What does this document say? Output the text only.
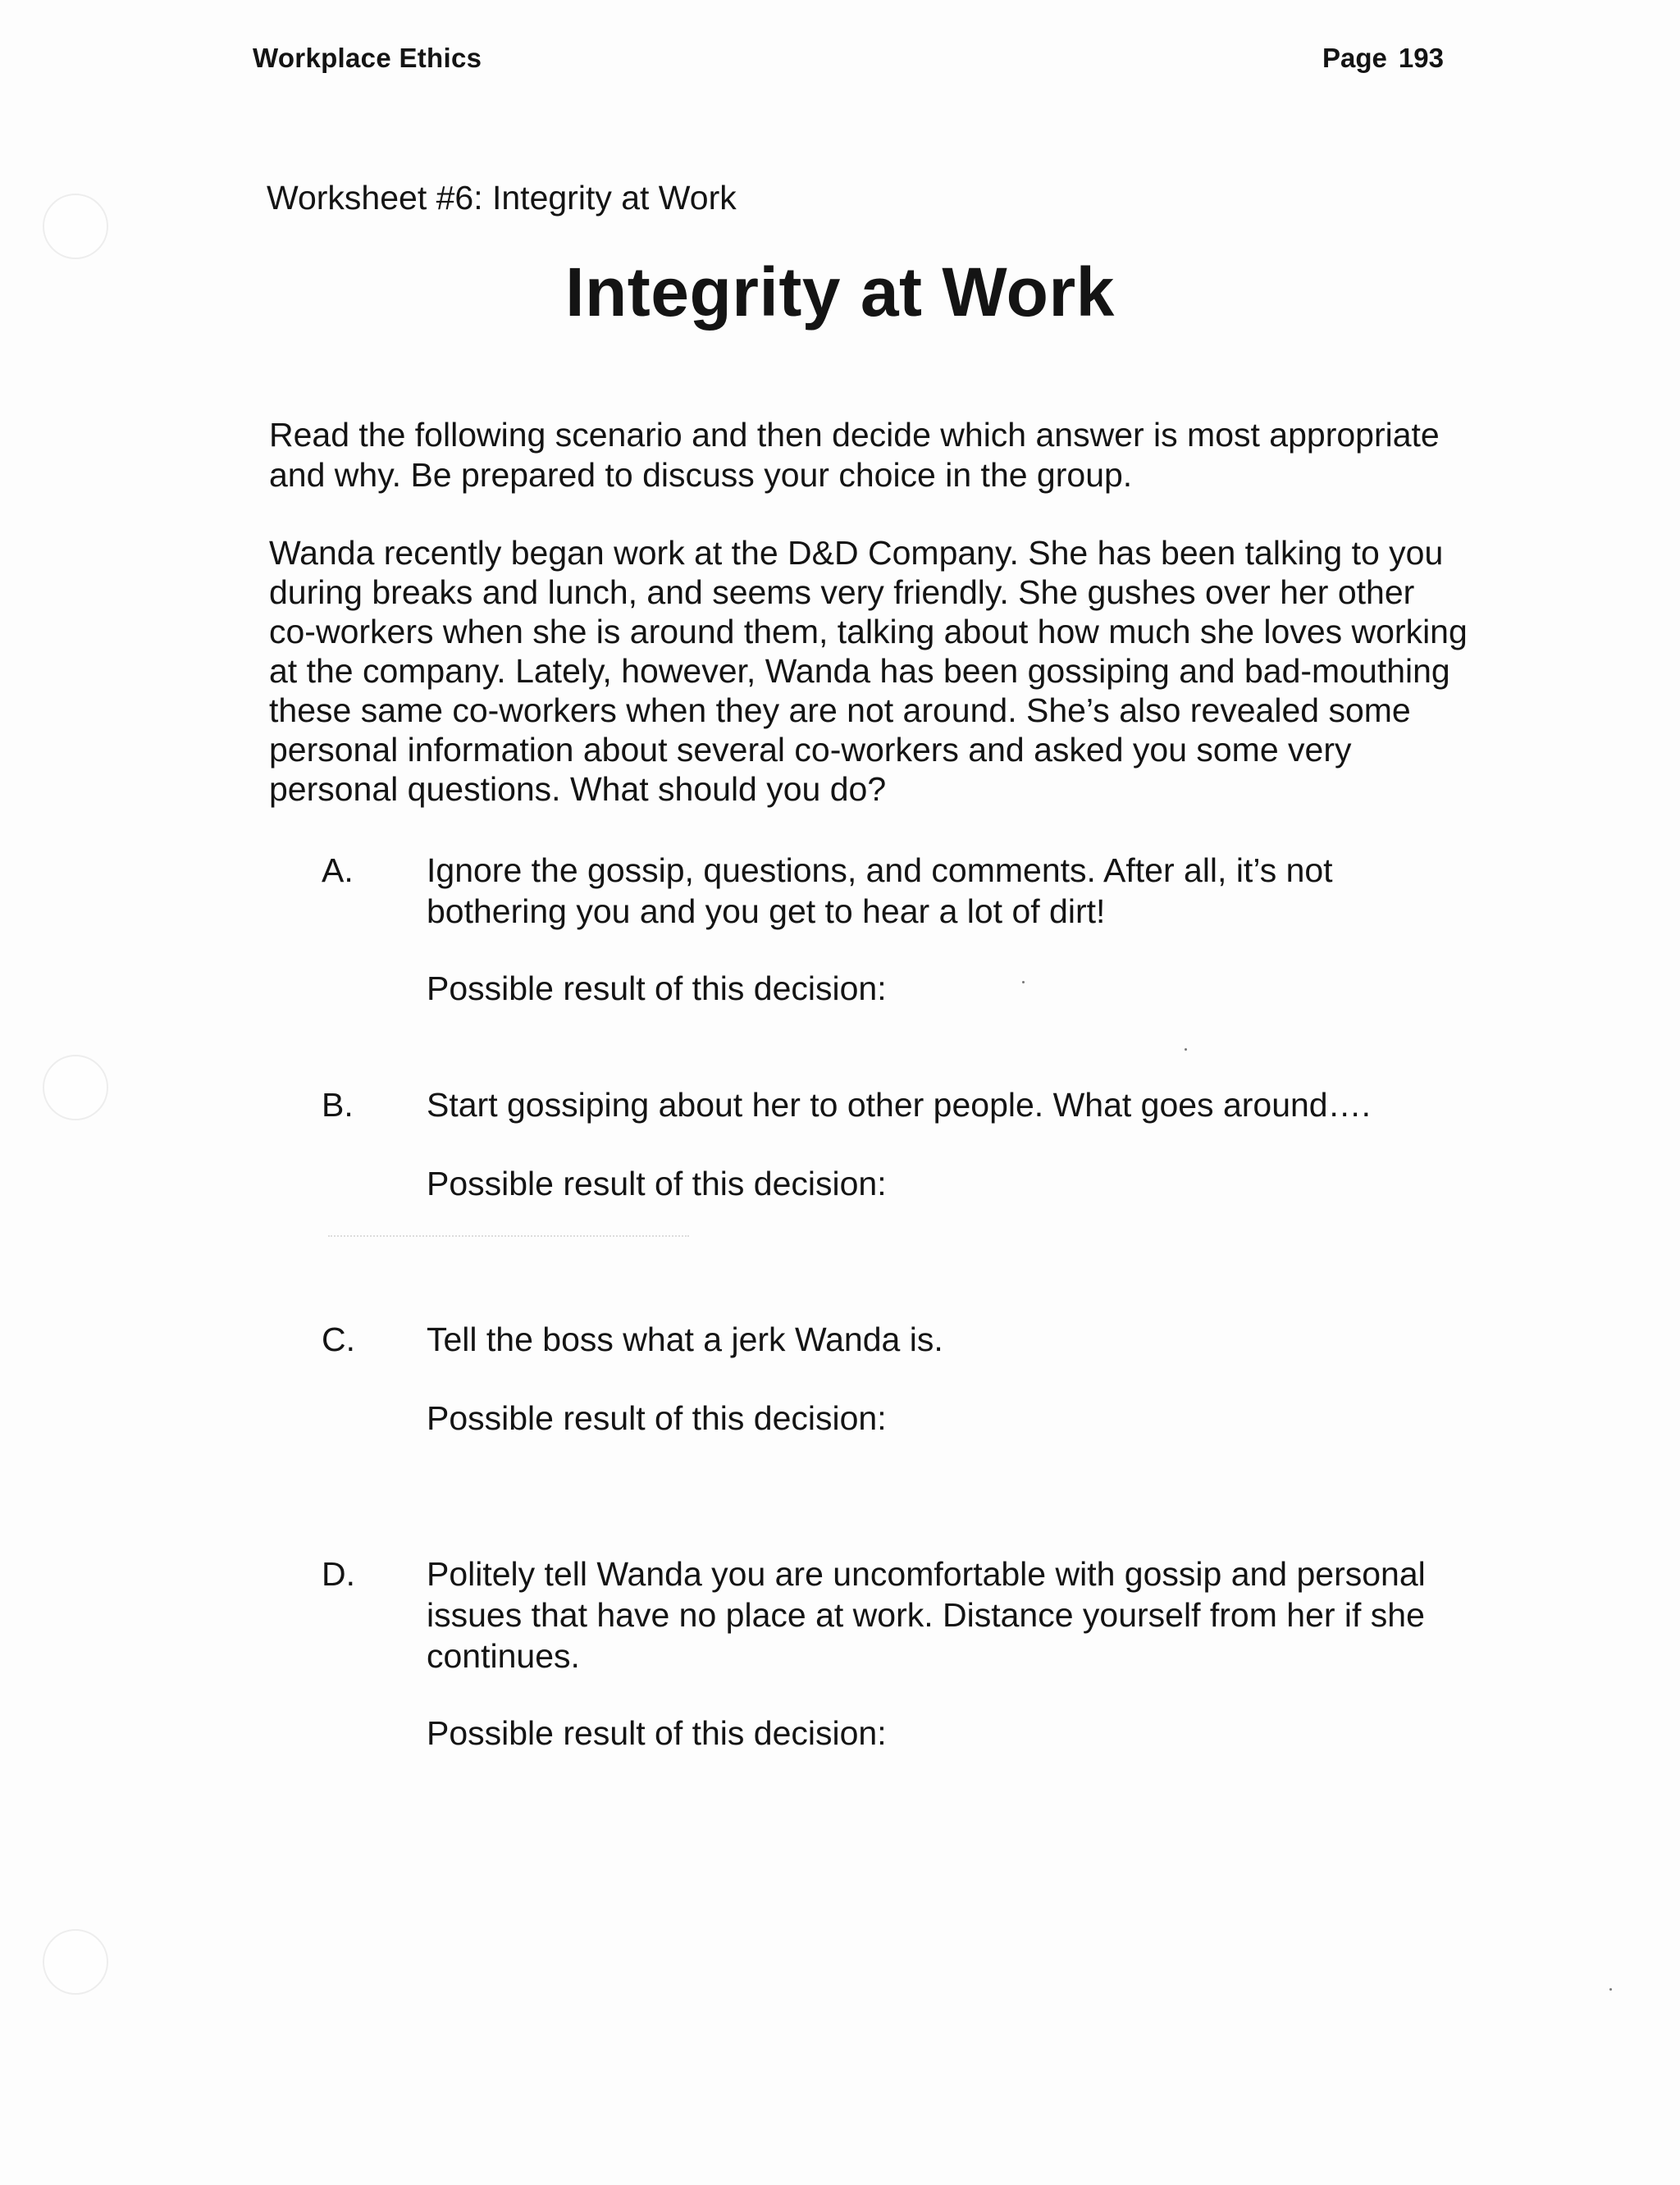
Workplace Ethics	Page 193
Worksheet #6: Integrity at Work
Integrity at Work
Read the following scenario and then decide which answer is most appropriate
and why. Be prepared to discuss your choice in the group.
Wanda recently began work at the D&D Company. She has been talking to you
during breaks and lunch, and seems very friendly. She gushes over her other
co-workers when she is around them, talking about how much she loves working
at the company. Lately, however, Wanda has been gossiping and bad-mouthing
these same co-workers when they are not around. She’s also revealed some
personal information about several co-workers and asked you some very
personal questions. What should you do?
A. Ignore the gossip, questions, and comments. After all, it’s not
bothering you and you get to hear a lot of dirt!
Possible result of this decision:
B. Start gossiping about her to other people. What goes around….
Possible result of this decision:
C. Tell the boss what a jerk Wanda is.
Possible result of this decision:
D. Politely tell Wanda you are uncomfortable with gossip and personal
issues that have no place at work. Distance yourself from her if she
continues.
Possible result of this decision:
